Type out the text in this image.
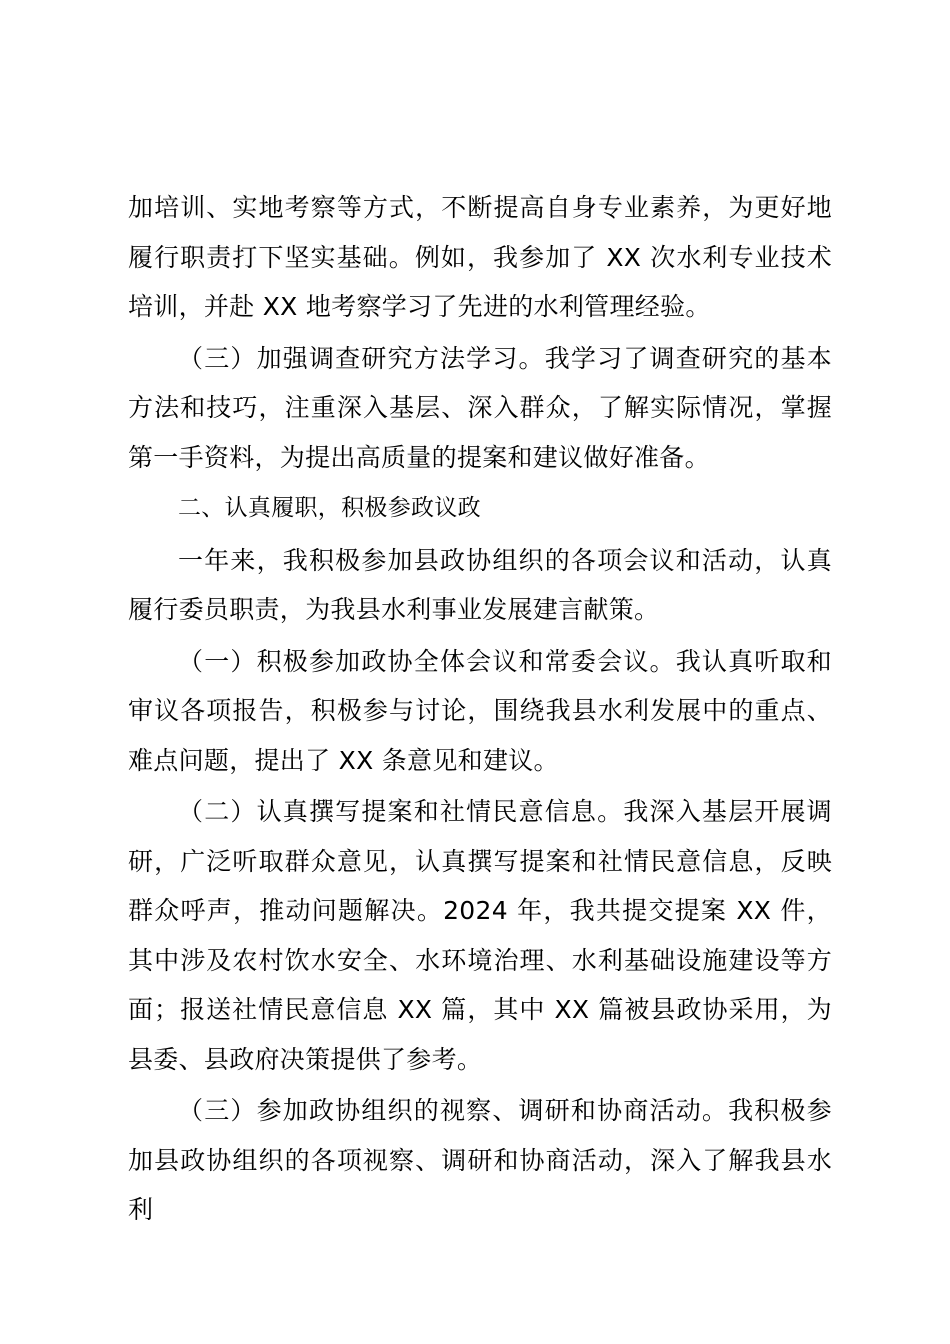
加培训、实地考察等方式，不断提高自身专业素养，为更好地履行职责打下坚实基础。例如，我参加了 XX 次水利专业技术培训，并赴 XX 地考察学习了先进的水利管理经验。

（三）加强调查研究方法学习。我学习了调查研究的基本方法和技巧，注重深入基层、深入群众，了解实际情况，掌握第一手资料，为提出高质量的提案和建议做好准备。

二、认真履职，积极参政议政

一年来，我积极参加县政协组织的各项会议和活动，认真履行委员职责，为我县水利事业发展建言献策。

（一）积极参加政协全体会议和常委会议。我认真听取和审议各项报告，积极参与讨论，围绕我县水利发展中的重点、难点问题，提出了 XX 条意见和建议。

（二）认真撰写提案和社情民意信息。我深入基层开展调研，广泛听取群众意见，认真撰写提案和社情民意信息，反映群众呼声，推动问题解决。2024 年，我共提交提案 XX 件，其中涉及农村饮水安全、水环境治理、水利基础设施建设等方面；报送社情民意信息 XX 篇，其中 XX 篇被县政协采用，为县委、县政府决策提供了参考。

（三）参加政协组织的视察、调研和协商活动。我积极参加县政协组织的各项视察、调研和协商活动，深入了解我县水利
